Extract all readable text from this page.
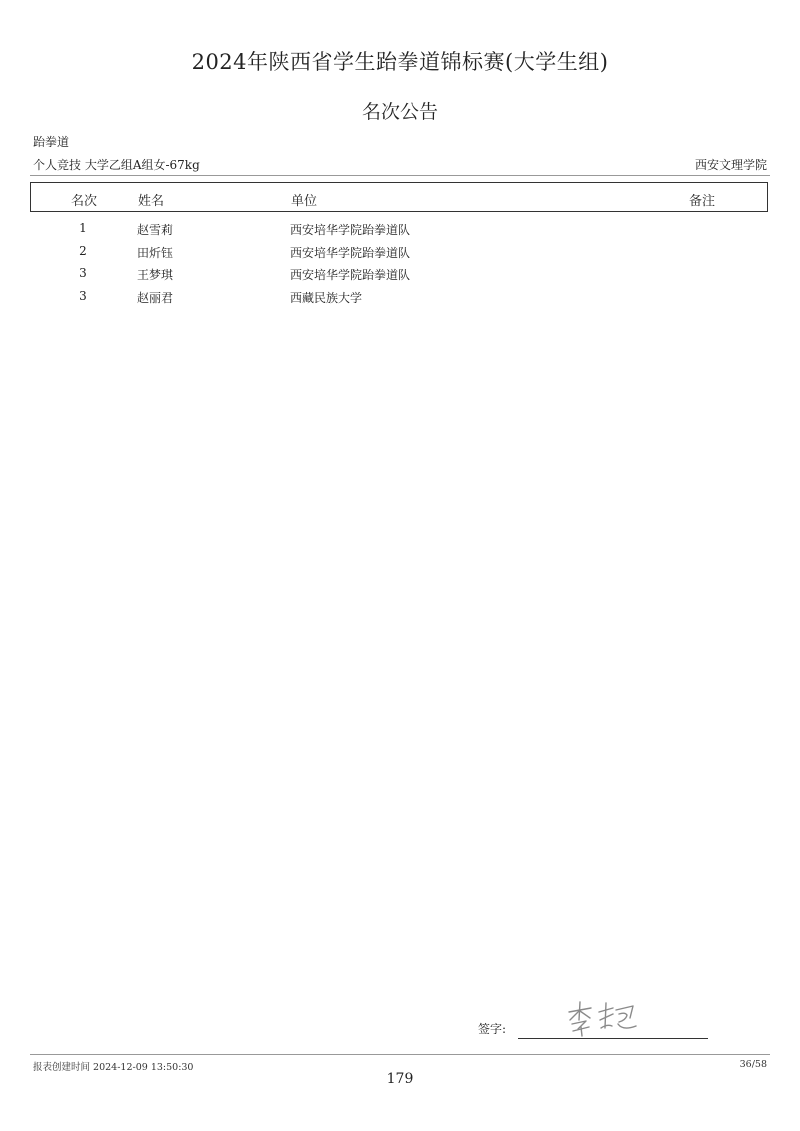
2024年陕西省学生跆拳道锦标赛(大学生组)
名次公告
跆拳道
个人竞技 大学乙组A组女-67kg	西安文理学院
名次	姓名	单位	备注
1	赵雪莉	西安培华学院跆拳道队
2	田炘钰	西安培华学院跆拳道队
3	王梦琪	西安培华学院跆拳道队
3	赵丽君	西藏民族大学
签字:
报表创建时间 2024-12-09 13:50:30	36/58
179
